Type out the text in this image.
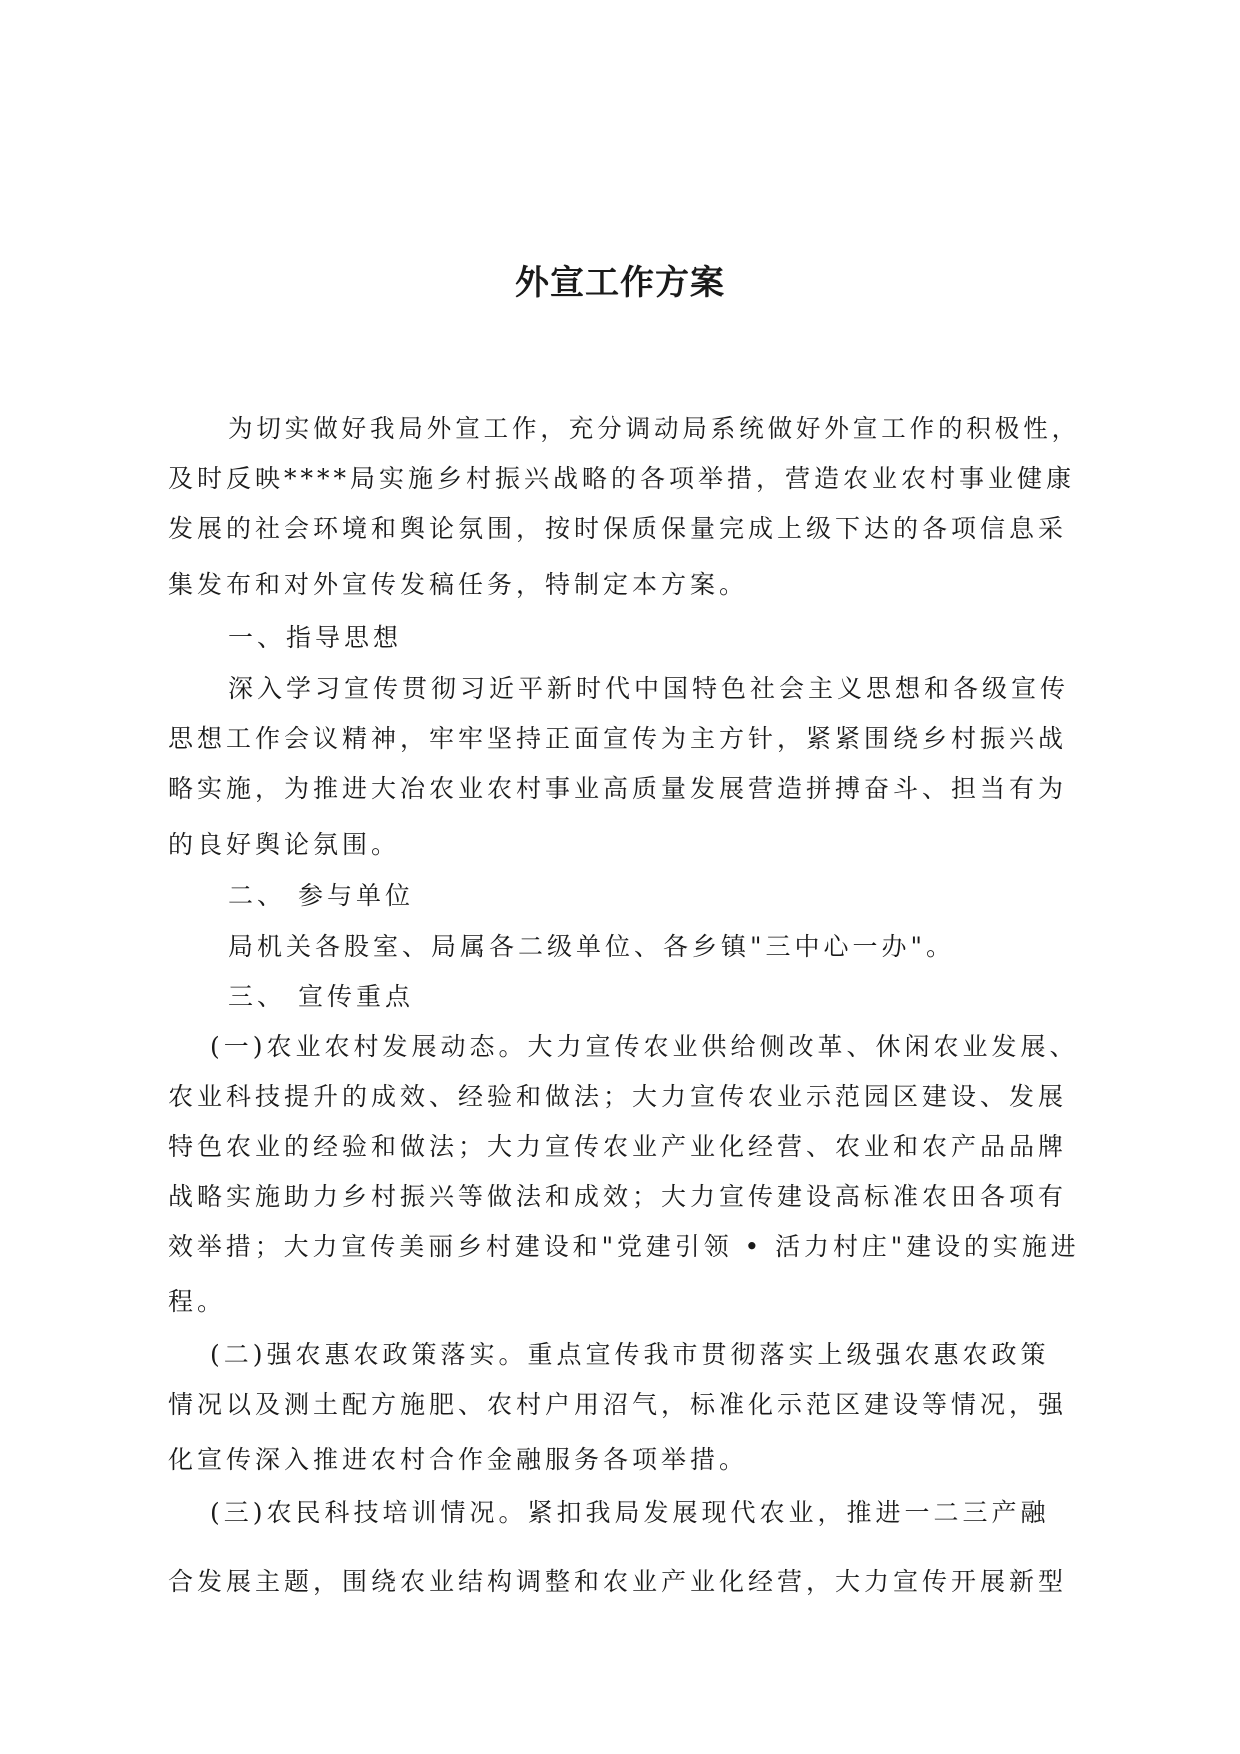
外宣工作方案

为切实做好我局外宣工作，充分调动局系统做好外宣工作的积极性，

及时反映****局实施乡村振兴战略的各项举措，营造农业农村事业健康

发展的社会环境和舆论氛围，按时保质保量完成上级下达的各项信息采

集发布和对外宣传发稿任务，特制定本方案。

一、指导思想

深入学习宣传贯彻习近平新时代中国特色社会主义思想和各级宣传

思想工作会议精神，牢牢坚持正面宣传为主方针，紧紧围绕乡村振兴战

略实施，为推进大冶农业农村事业高质量发展营造拼搏奋斗、担当有为

的良好舆论氛围。

二、 参与单位

局机关各股室、局属各二级单位、各乡镇"三中心一办"。

三、 宣传重点

(一)农业农村发展动态。大力宣传农业供给侧改革、休闲农业发展、

农业科技提升的成效、经验和做法；大力宣传农业示范园区建设、发展

特色农业的经验和做法；大力宣传农业产业化经营、农业和农产品品牌

战略实施助力乡村振兴等做法和成效；大力宣传建设高标准农田各项有

效举措；大力宣传美丽乡村建设和"党建引领 • 活力村庄"建设的实施进

程。

(二)强农惠农政策落实。重点宣传我市贯彻落实上级强农惠农政策

情况以及测土配方施肥、农村户用沼气，标准化示范区建设等情况，强

化宣传深入推进农村合作金融服务各项举措。

(三)农民科技培训情况。紧扣我局发展现代农业，推进一二三产融

合发展主题，围绕农业结构调整和农业产业化经营，大力宣传开展新型
